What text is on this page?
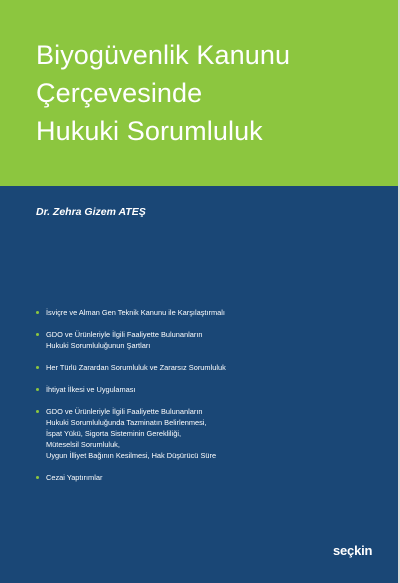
Biyogüvenlik Kanunu
Çerçevesinde
Hukuki Sorumluluk
Dr. Zehra Gizem ATEŞ
İsviçre ve Alman Gen Teknik Kanunu ile Karşılaştırmalı
GDO ve Ürünleriyle İlgili Faaliyette Bulunanların
Hukuki Sorumluluğunun Şartları
Her Türlü Zarardan Sorumluluk ve Zararsız Sorumluluk
İhtiyat İlkesi ve Uygulaması
GDO ve Ürünleriyle İlgili Faaliyette Bulunanların
Hukuki Sorumluluğunda Tazminatın Belirlenmesi,
İspat Yükü, Sigorta Sisteminin Gerekliliği,
Müteselsil Sorumluluk,
Uygun İlliyet Bağının Kesilmesi, Hak Düşürücü Süre
Cezai Yaptırımlar
seçkin
